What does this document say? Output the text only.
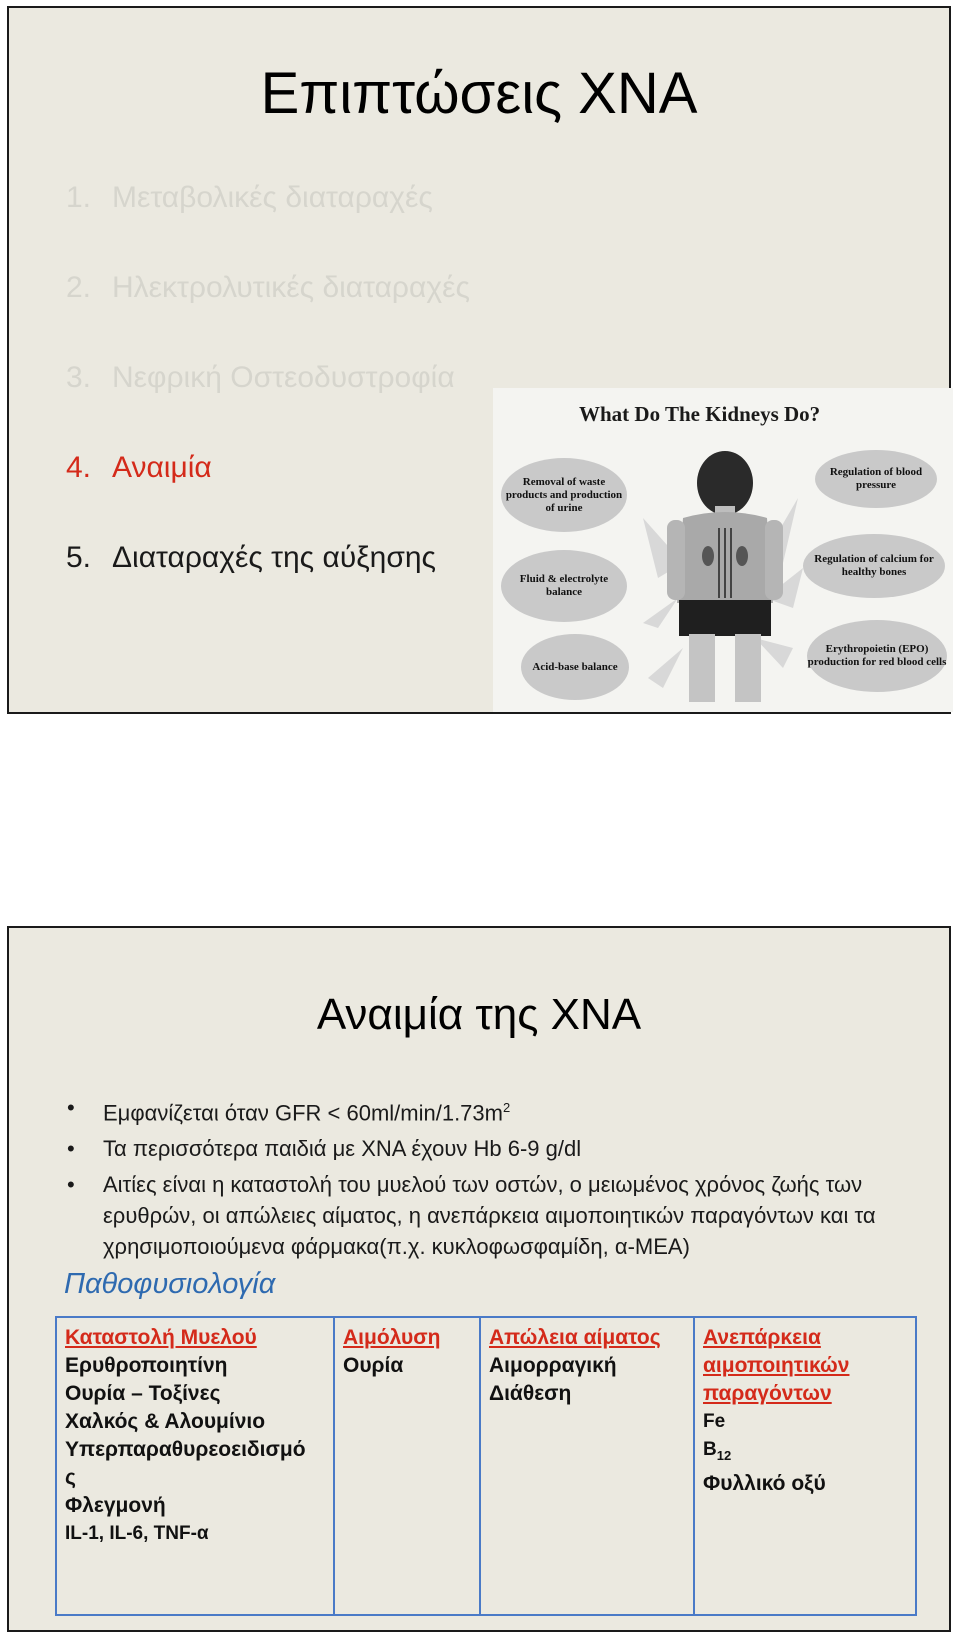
Επιπτώσεις ΧΝΑ
1. Μεταβολικές διαταραχές
2. Ηλεκτρολυτικές διαταραχές
3. Νεφρική Οστεοδυστροφία
4. Αναιμία
5. Διαταραχές της αύξησης
What Do The Kidneys Do?
Removal of waste products and production of urine
Fluid & electrolyte balance
Acid-base balance
Regulation of blood pressure
Regulation of calcium for healthy bones
Erythropoietin (EPO) production for red blood cells
Αναιμία της ΧΝΑ
• Εμφανίζεται όταν GFR < $60ml/\min/1.73m^2$
• Τα περισσότερα παιδιά με ΧΝΑ έχουν Hb 6-9 g/dl
• Αιτίες είναι η καταστολή του μυελού των οστών, ο μειωμένος χρόνος ζωής των ερυθρών, οι απώλειες αίματος, η ανεπάρκεια αιμοποιητικών παραγόντων και τα χρησιμοποιούμενα φάρμακα(π.χ. κυκλοφωσφαμίδη, α-ΜΕΑ)
Παθοφυσιολογία
Καταστολή Μυελού
Ερυθροποιητίνη
Ουρία – Τοξίνες
Χαλκός & Αλουμίνιο
Υπερπαραθυρεοειδισμό
ς
Φλεγμονή
IL-1, IL-6, TNF-α
Αιμόλυση
Ουρία
Απώλεια αίματος
Αιμορραγική
Διάθεση
Ανεπάρκεια
αιμοποιητικών
παραγόντων
Fe
$B_{12}$
Φυλλικό οξύ
